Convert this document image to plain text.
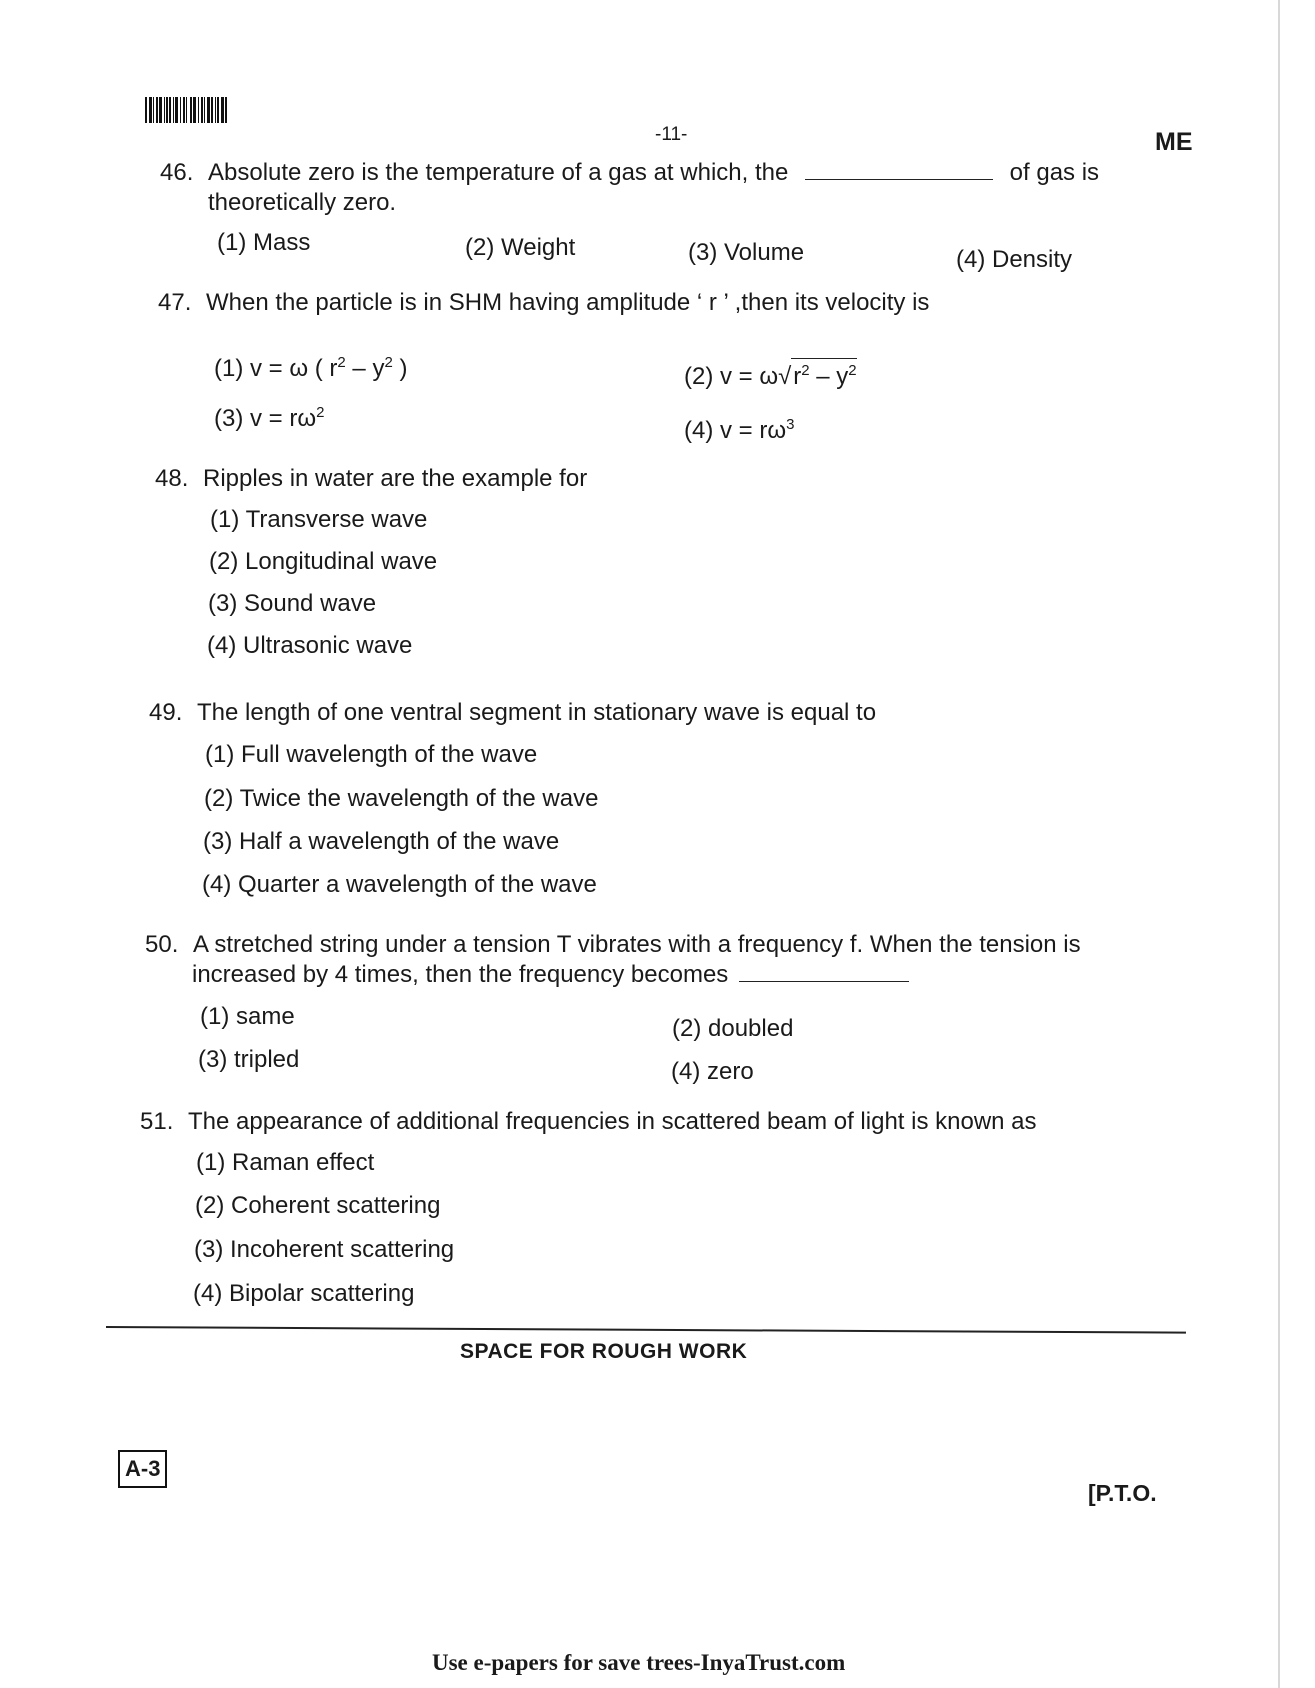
-11-	ME
46. Absolute zero is the temperature of a gas at which, the	of gas is
theoretically zero.
(1) Mass	(2) Weight	(3) Volume	(4) Density
47. When the particle is in SHM having amplitude ‘ r ’ ,then its velocity is
(1) v = ω ( $r^2 - y^2$ )	(2) $v = \omega√r^2 - y^2$
(3) $v = r\omega^2$
(4) $v = r\omega^3$
48. Ripples in water are the example for
(1) Transverse wave
(2) Longitudinal wave
(3) Sound wave
(4) Ultrasonic wave
49. The length of one ventral segment in stationary wave is equal to
(1) Full wavelength of the wave
(2) Twice the wavelength of the wave
(3) Half a wavelength of the wave
(4) Quarter a wavelength of the wave
50. A stretched string under a tension T vibrates with a frequency f. When the tension is
increased by 4 times, then the frequency becomes
(1) same	(2) doubled
(3) tripled	(4) zero
51. The appearance of additional frequencies in scattered beam of light is known as
(1) Raman effect
(2) Coherent scattering
(3) Incoherent scattering
(4) Bipolar scattering
SPACE FOR ROUGH WORK
A-3
[P.T.O.
Use e-papers for save trees-InyaTrust.com
